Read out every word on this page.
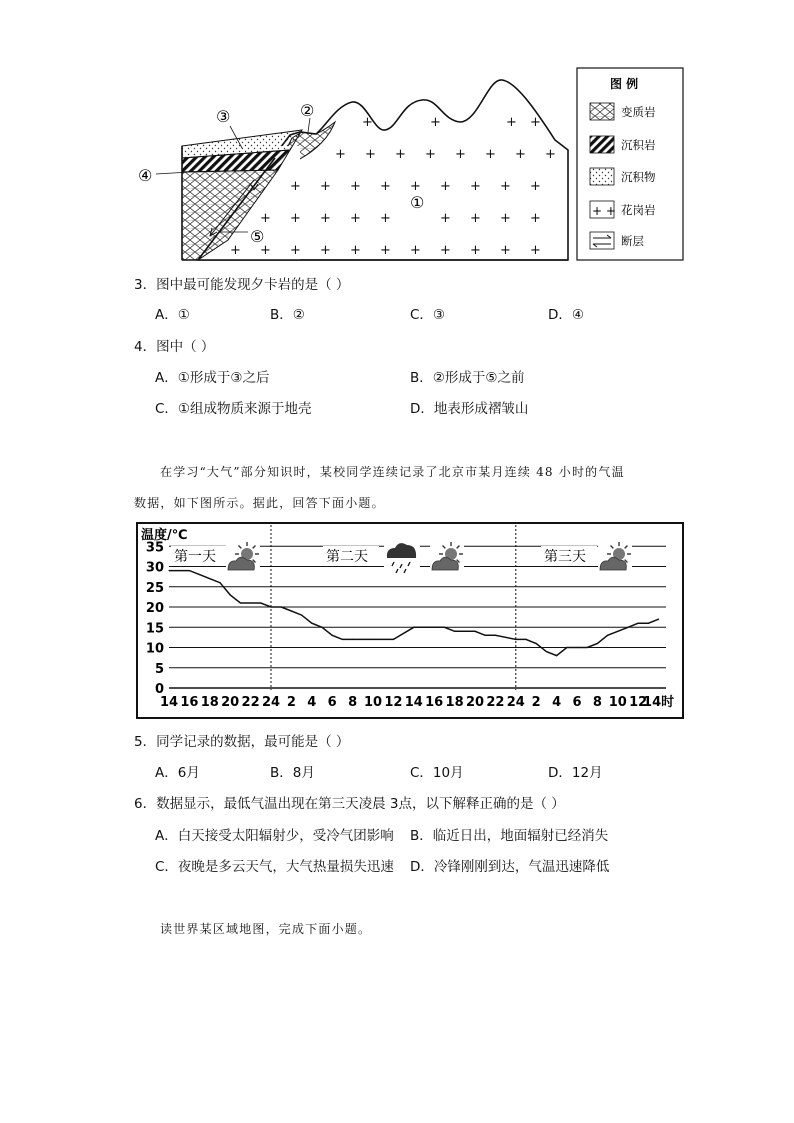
+	+	+ +
+ + + + + + + +
+ + + + + + + + +
+ + + + +	+ + + +
+ + + + + + + + + + +
③	②
④
①
⑤
图 例
变质岩
沉积岩
沉积物
+ + 花岗岩
断层
3．图中最可能发现夕卡岩的是（ ）
A．①	B．②	C．③	D．④
4．图中（ ）
A．①形成于③之后	B．②形成于⑤之前
C．①组成物质来源于地壳	D．地表形成褶皱山
在学习“大气”部分知识时，某校同学连续记录了北京市某月连续 48 小时的气温
数据，如下图所示。据此，回答下面小题。
温度/℃
0
5
10
15
20
25
30
35
14 16 18 20 22 24 2 4 6 8 10 12 14 16 18 20 22 24 2 4 6 8 10 12
14时
第一天	第二天	第三天
5．同学记录的数据，最可能是（ ）
A．6月	B．8月	C．10月	D．12月
6．数据显示，最低气温出现在第三天凌晨 3点，以下解释正确的是（ ）
A．白天接受太阳辐射少，受冷气团影响 B．临近日出，地面辐射已经消失
C．夜晚是多云天气，大气热量损失迅速 D．冷锋刚刚到达，气温迅速降低
读世界某区域地图，完成下面小题。
